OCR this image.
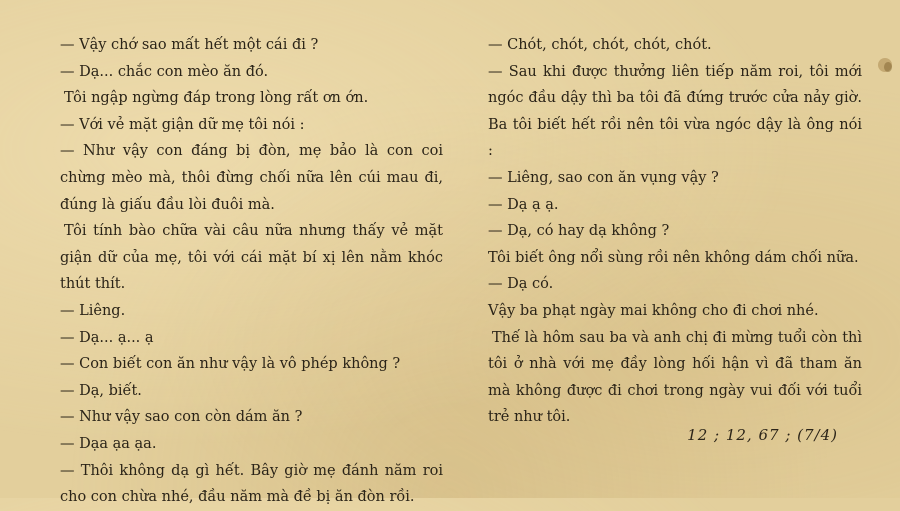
— Vậy chớ sao mất hết một cái đi ?

— Dạ... chắc con mèo ăn đó.

Tôi ngập ngừng đáp trong lòng rất ơn ớn.

— Với vẻ mặt giận dữ mẹ tôi nói :

— Như vậy con đáng bị đòn, mẹ bảo là con coi chừng mèo mà, thôi đừng chối nữa lên cúi mau đi, đúng là giấu đầu lòi đuôi mà.

Tôi tính bào chữa vài câu nữa nhưng thấy vẻ mặt giận dữ của mẹ, tôi với cái mặt bí xị lên nằm khóc thút thít.

— Liêng.

— Dạ... ạ... ạ

— Con biết con ăn như vậy là vô phép không ?

— Dạ, biết.

— Như vậy sao con còn dám ăn ?

— Dạa ạa ạa.

— Thôi không dạ gì hết. Bây giờ mẹ đánh năm roi cho con chừa nhé, đầu năm mà đề bị ăn đòn rồi.

— Chót, chót, chót, chót, chót.

— Sau khi được thưởng liên tiếp năm roi, tôi mới ngóc đầu dậy thì ba tôi đã đứng trước cửa nảy giờ. Ba tôi biết hết rồi nên tôi vừa ngóc dậy là ông nói :

— Liêng, sao con ăn vụng vậy ?

— Dạ ạ ạ.

— Dạ, có hay dạ không ?

Tôi biết ông nổi sùng rồi nên không dám chối nữa.

— Dạ có.

Vậy ba phạt ngày mai không cho đi chơi nhé.

Thế là hôm sau ba và anh chị đi mừng tuổi còn thì tôi ở nhà với mẹ đầy lòng hối hận vì đã tham ăn mà không được đi chơi trong ngày vui đối với tuổi trẻ như tôi.

12 ; 12, 67 ; (7/4)
